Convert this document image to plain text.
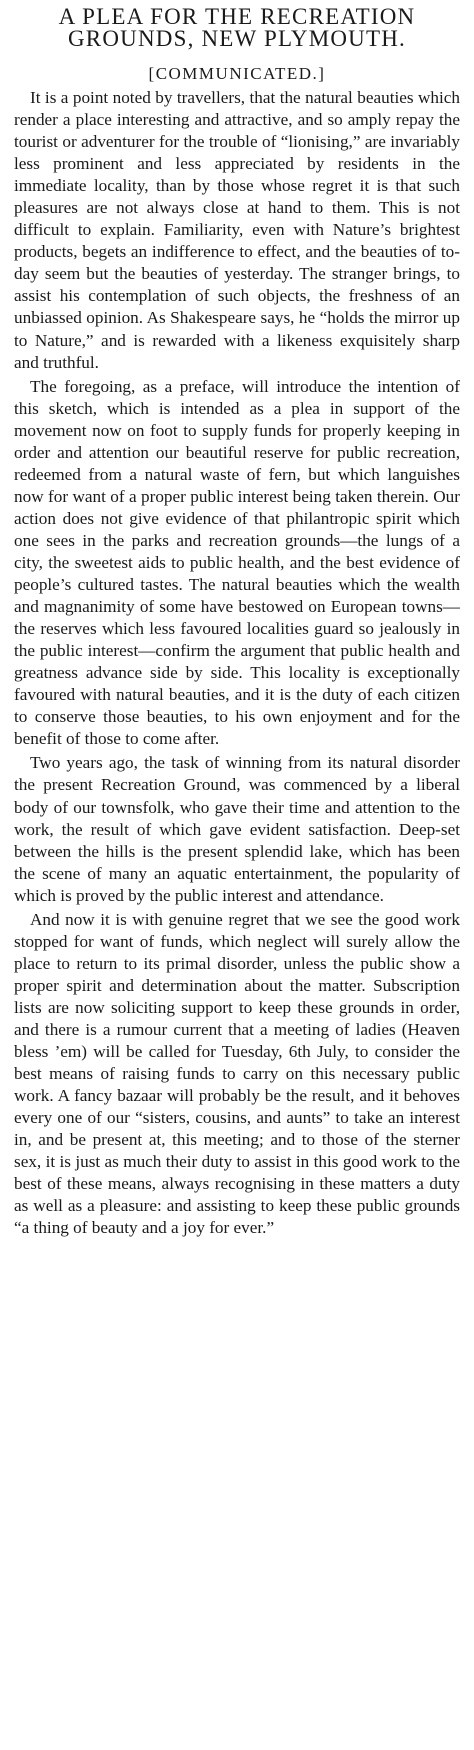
A PLEA FOR THE RECREATION
GROUNDS, NEW PLYMOUTH.
[COMMUNICATED.]

It is a point noted by travellers, that the natural beauties which render a place interesting and attractive, and so amply repay the tourist or adventurer for the trouble of “lionising,” are invariably less prominent and less appreciated by residents in the immediate locality, than by those whose regret it is that such pleasures are not always close at hand to them. This is not difficult to explain. Familiarity, even with Nature’s brightest products, begets an indifference to effect, and the beauties of to-day seem but the beauties of yesterday. The stranger brings, to assist his contemplation of such objects, the freshness of an unbiassed opinion. As Shakespeare says, he “holds the mirror up to Nature,” and is rewarded with a likeness exquisitely sharp and truthful.

The foregoing, as a preface, will introduce the intention of this sketch, which is intended as a plea in support of the movement now on foot to supply funds for properly keeping in order and attention our beautiful reserve for public recreation, redeemed from a natural waste of fern, but which languishes now for want of a proper public interest being taken therein. Our action does not give evidence of that philantropic spirit which one sees in the parks and recreation grounds—the lungs of a city, the sweetest aids to public health, and the best evidence of people’s cultured tastes. The natural beauties which the wealth and magnanimity of some have bestowed on European towns—the reserves which less favoured localities guard so jealously in the public interest—confirm the argument that public health and greatness advance side by side. This locality is exceptionally favoured with natural beauties, and it is the duty of each citizen to conserve those beauties, to his own enjoyment and for the benefit of those to come after.

Two years ago, the task of winning from its natural disorder the present Recreation Ground, was commenced by a liberal body of our townsfolk, who gave their time and attention to the work, the result of which gave evident satisfaction. Deep-set between the hills is the present splendid lake, which has been the scene of many an aquatic entertainment, the popularity of which is proved by the public interest and attendance.

And now it is with genuine regret that we see the good work stopped for want of funds, which neglect will surely allow the place to return to its primal disorder, unless the public show a proper spirit and determination about the matter. Subscription lists are now soliciting support to keep these grounds in order, and there is a rumour current that a meeting of ladies (Heaven bless ’em) will be called for Tuesday, 6th July, to consider the best means of raising funds to carry on this necessary public work. A fancy bazaar will probably be the result, and it behoves every one of our “sisters, cousins, and aunts” to take an interest in, and be present at, this meeting; and to those of the sterner sex, it is just as much their duty to assist in this good work to the best of these means, always recognising in these matters a duty as well as a pleasure: and assisting to keep these public grounds “a thing of beauty and a joy for ever.”
